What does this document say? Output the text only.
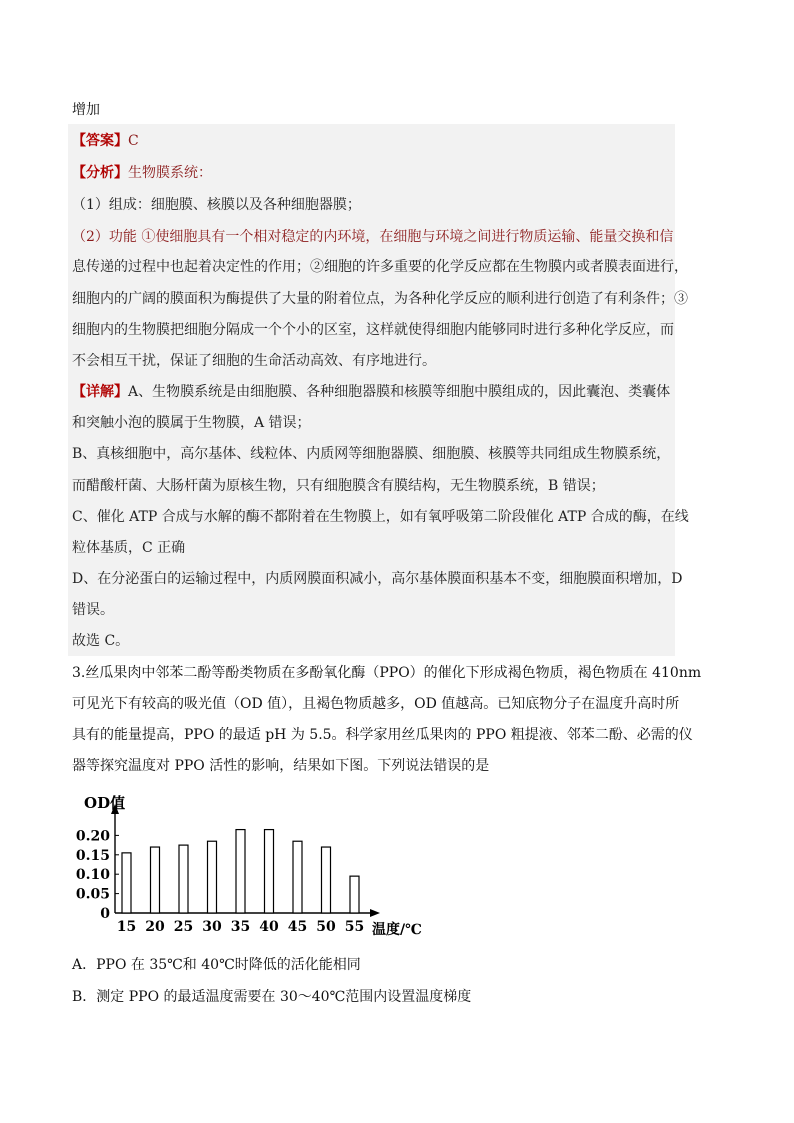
增加
【答案】C
【分析】生物膜系统：
（1）组成：细胞膜、核膜以及各种细胞器膜；
（2）功能 ①使细胞具有一个相对稳定的内环境，在细胞与环境之间进行物质运输、能量交换和信
息传递的过程中也起着决定性的作用；②细胞的许多重要的化学反应都在生物膜内或者膜表面进行，
细胞内的广阔的膜面积为酶提供了大量的附着位点，为各种化学反应的顺利进行创造了有利条件；③
细胞内的生物膜把细胞分隔成一个个小的区室，这样就使得细胞内能够同时进行多种化学反应，而
不会相互干扰，保证了细胞的生命活动高效、有序地进行。
【详解】A、生物膜系统是由细胞膜、各种细胞器膜和核膜等细胞中膜组成的，因此囊泡、类囊体
和突触小泡的膜属于生物膜，A 错误；
B、真核细胞中，高尔基体、线粒体、内质网等细胞器膜、细胞膜、核膜等共同组成生物膜系统，
而醋酸杆菌、大肠杆菌为原核生物，只有细胞膜含有膜结构，无生物膜系统，B 错误；
C、催化 ATP 合成与水解的酶不都附着在生物膜上，如有氧呼吸第二阶段催化 ATP 合成的酶，在线
粒体基质，C 正确
D、在分泌蛋白的运输过程中，内质网膜面积减小，高尔基体膜面积基本不变，细胞膜面积增加，D
错误。
故选 C。
3.丝瓜果肉中邻苯二酚等酚类物质在多酚氧化酶（PPO）的催化下形成褐色物质，褐色物质在 410nm
可见光下有较高的吸光值（OD 值），且褐色物质越多，OD 值越高。已知底物分子在温度升高时所
具有的能量提高，PPO 的最适 pH 为 5.5。科学家用丝瓜果肉的 PPO 粗提液、邻苯二酚、必需的仪
器等探究温度对 PPO 活性的影响，结果如下图。下列说法错误的是
0
0.05
0.10
0.15
0.20
OD值
15 20 25 30 35 40 45 50 55 温度/℃
A．PPO 在 35℃和 40℃时降低的活化能相同
B．测定 PPO 的最适温度需要在 30～40℃范围内设置温度梯度
